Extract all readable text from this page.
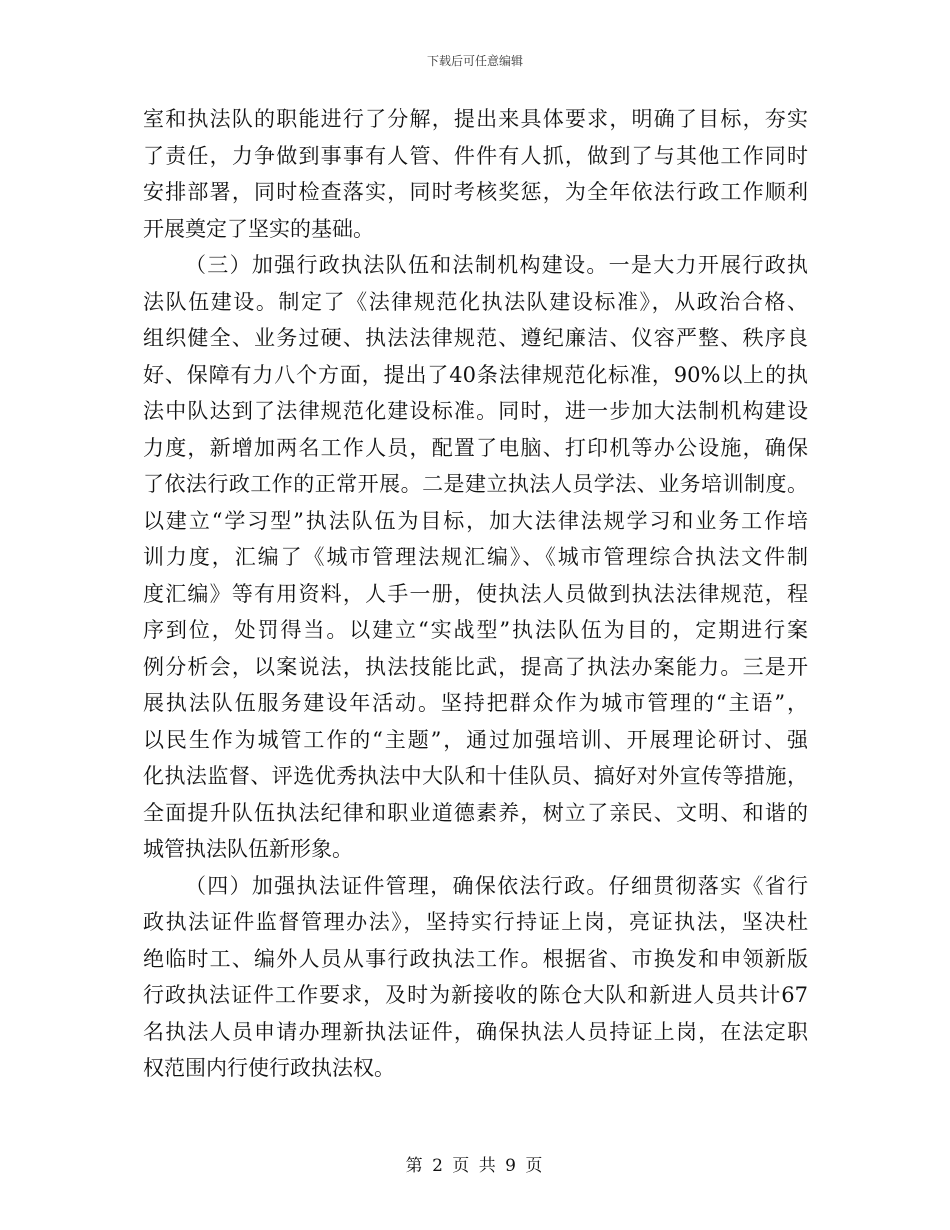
下载后可任意编辑
室和执法队的职能进行了分解，提出来具体要求，明确了目标，夯实
了责任，力争做到事事有人管、件件有人抓，做到了与其他工作同时
安排部署，同时检查落实，同时考核奖惩，为全年依法行政工作顺利
开展奠定了坚实的基础。
（三）加强行政执法队伍和法制机构建设。一是大力开展行政执
法队伍建设。制定了《法律规范化执法队建设标准》，从政治合格、
组织健全、业务过硬、执法法律规范、遵纪廉洁、仪容严整、秩序良
好、保障有力八个方面，提出了40条法律规范化标准，90%以上的执
法中队达到了法律规范化建设标准。同时，进一步加大法制机构建设
力度，新增加两名工作人员，配置了电脑、打印机等办公设施，确保
了依法行政工作的正常开展。二是建立执法人员学法、业务培训制度。
以建立“学习型”执法队伍为目标，加大法律法规学习和业务工作培
训力度，汇编了《城市管理法规汇编》、《城市管理综合执法文件制
度汇编》等有用资料，人手一册，使执法人员做到执法法律规范，程
序到位，处罚得当。以建立“实战型”执法队伍为目的，定期进行案
例分析会，以案说法，执法技能比武，提高了执法办案能力。三是开
展执法队伍服务建设年活动。坚持把群众作为城市管理的“主语”，
以民生作为城管工作的“主题”，通过加强培训、开展理论研讨、强
化执法监督、评选优秀执法中大队和十佳队员、搞好对外宣传等措施，
全面提升队伍执法纪律和职业道德素养，树立了亲民、文明、和谐的
城管执法队伍新形象。
（四）加强执法证件管理，确保依法行政。仔细贯彻落实《省行
政执法证件监督管理办法》，坚持实行持证上岗，亮证执法，坚决杜
绝临时工、编外人员从事行政执法工作。根据省、市换发和申领新版
行政执法证件工作要求，及时为新接收的陈仓大队和新进人员共计67
名执法人员申请办理新执法证件，确保执法人员持证上岗，在法定职
权范围内行使行政执法权。
第 2 页 共 9 页
